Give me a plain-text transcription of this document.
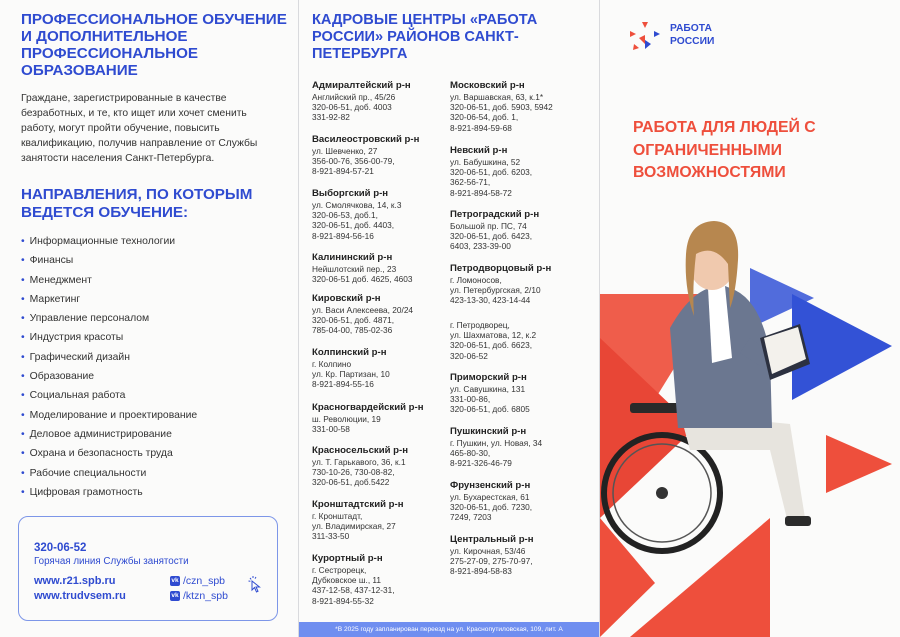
ПРОФЕССИОНАЛЬНОЕ ОБУЧЕНИЕ И ДОПОЛНИТЕЛЬНОЕ ПРОФЕССИОНАЛЬНОЕ ОБРАЗОВАНИЕ

Граждане, зарегистрированные в качестве безработных, и те, кто ищет или хочет сменить работу, могут пройти обучение, повысить квалификацию, получив направление от Службы занятости населения Санкт-Петербурга.

НАПРАВЛЕНИЯ, ПО КОТОРЫМ ВЕДЕТСЯ ОБУЧЕНИЕ:
• Информационные технологии
• Финансы
• Менеджмент
• Маркетинг
• Управление персоналом
• Индустрия красоты
• Графический дизайн
• Образование
• Социальная работа
• Моделирование и проектирование
• Деловое администрирование
• Охрана и безопасность труда
• Рабочие специальности
• Цифровая грамотность
320-06-52
Горячая линия Службы занятости
www.r21.spb.ru
www.trudvsem.ru
vk /czn_spb
vk /ktzn_spb
КАДРОВЫЕ ЦЕНТРЫ «РАБОТА РОССИИ» РАЙОНОВ САНКТ-ПЕТЕРБУРГА
Адмиралтейский р-н
Английский пр., 45/26
320-06-51, доб. 4003
331-92-82
Василеостровский р-н
ул. Шевченко, 27
356-00-76, 356-00-79,
8-921-894-57-21
Выборгский р-н
ул. Смолячкова, 14, к.3
320-06-53, доб.1,
320-06-51, доб. 4403,
8-921-894-56-16
Калининский р-н
Нейшлотский пер., 23
320-06-51 доб. 4625, 4603
Кировский р-н
ул. Васи Алексеева, 20/24
320-06-51, доб. 4871,
785-04-00, 785-02-36
Колпинский р-н
г. Колпино
ул. Кр. Партизан, 10
8-921-894-55-16
Красногвардейский р-н
ш. Революции, 19
331-00-58
Красносельский р-н
ул. Т. Гарькавого, 36, к.1
730-10-26, 730-08-82,
320-06-51, доб.5422
Кронштадтский р-н
г. Кронштадт,
ул. Владимирская, 27
311-33-50
Курортный р-н
г. Сестрорецк,
Дубковское ш., 11
437-12-58, 437-12-31,
8-921-894-55-32
Московский р-н
ул. Варшавская, 63, к.1*
320-06-51, доб. 5903, 5942
320-06-54, доб. 1,
8-921-894-59-68
Невский р-н
ул. Бабушкина, 52
320-06-51, доб. 6203,
362-56-71,
8-921-894-58-72
Петроградский р-н
Большой пр. ПС, 74
320-06-51, доб. 6423,
6403, 233-39-00
Петродворцовый р-н
г. Ломоносов,
ул. Петербургская, 2/10
423-13-30, 423-14-44
г. Петродворец,
ул. Шахматова, 12, к.2
320-06-51, доб. 6623,
320-06-52
Приморский р-н
ул. Савушкина, 131
331-00-86,
320-06-51, доб. 6805
Пушкинский р-н
г. Пушкин, ул. Новая, 34
465-80-30,
8-921-326-46-79
Фрунзенский р-н
ул. Бухарестская, 61
320-06-51, доб. 7230,
7249, 7203
Центральный р-н
ул. Кирочная, 53/46
275-27-09, 275-70-97,
8-921-894-58-83
*В 2025 году запланирован переезд на ул. Краснопутиловская, 109, лит. А
РАБОТА
РОССИИ
РАБОТА ДЛЯ ЛЮДЕЙ С ОГРАНИЧЕННЫМИ ВОЗМОЖНОСТЯМИ
